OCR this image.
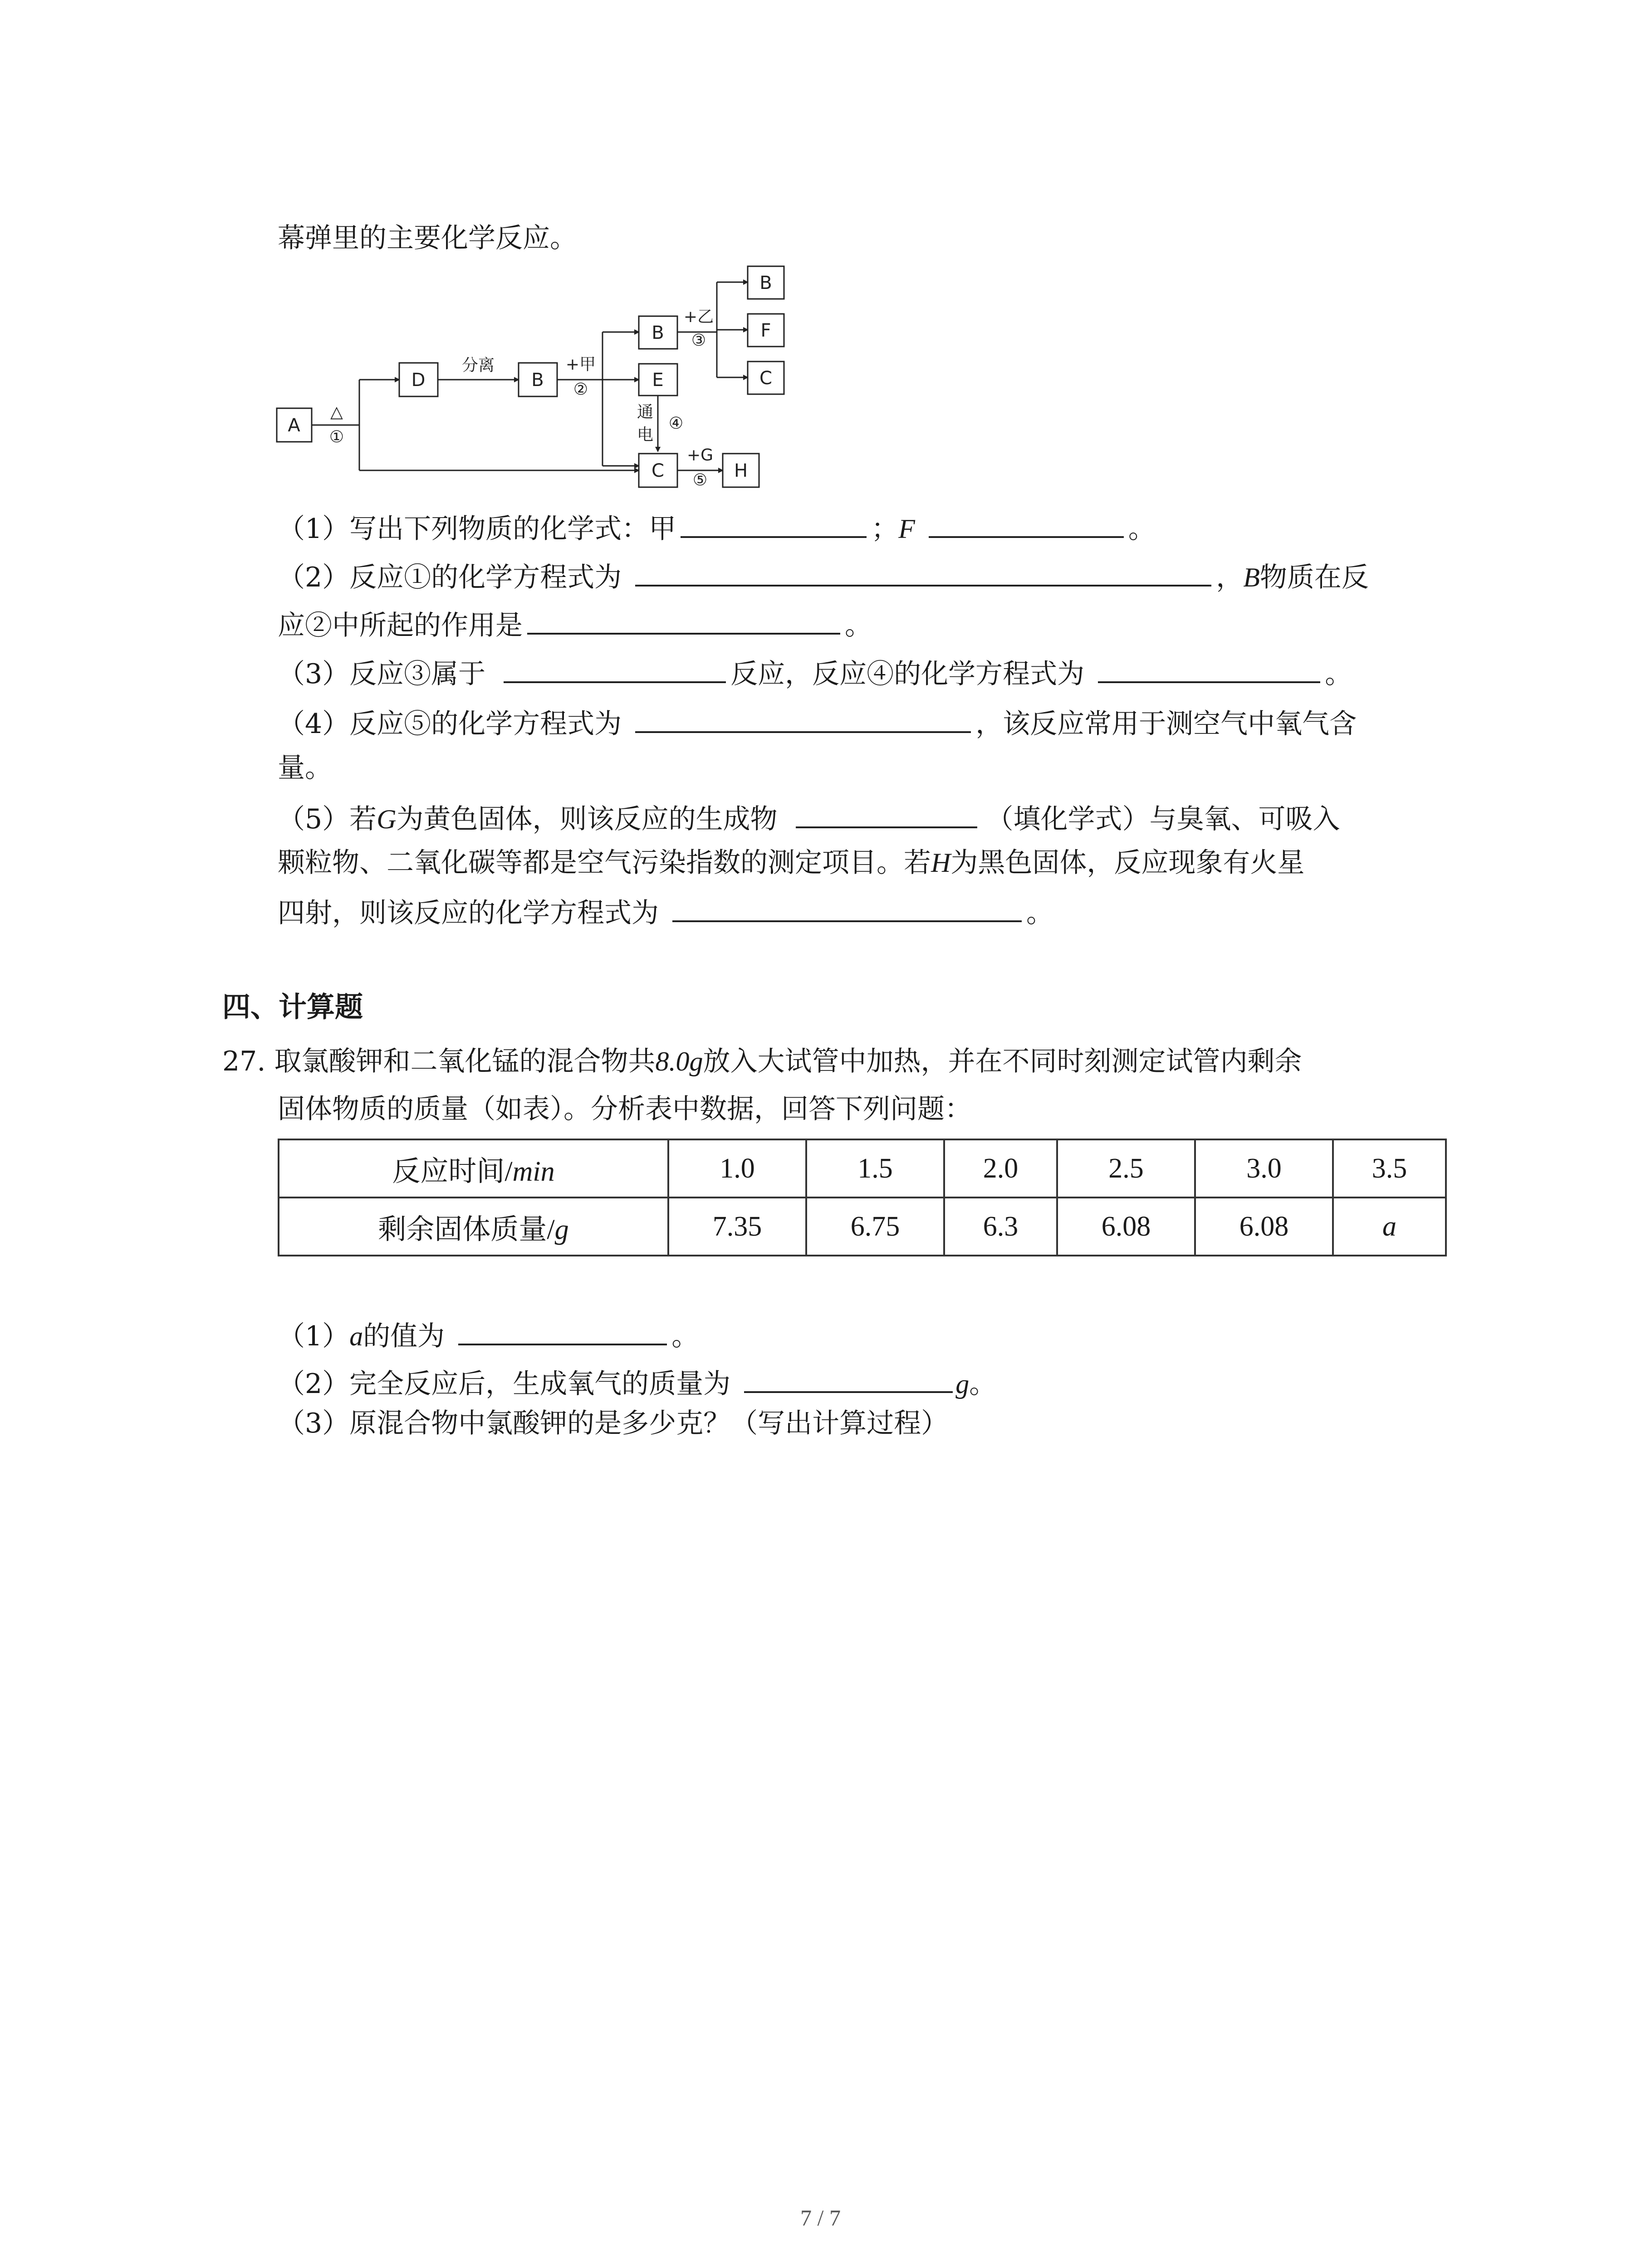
幕弹里的主要化学反应。
A
D	B
B
E
C	H
B
F
C
△
①
分离	+甲
②
+乙
③
通
电
④
+G
⑤
（1）写出下列物质的化学式：甲	；F	。
（2）反应①的化学方程式为	，B物质在反
应②中所起的作用是	。
（3）反应③属于	反应，反应④的化学方程式为	。
（4）反应⑤的化学方程式为	，该反应常用于测空气中氧气含
量。
（5）若G为黄色固体，则该反应的生成物	（填化学式）与臭氧、可吸入
颗粒物、二氧化碳等都是空气污染指数的测定项目。若H为黑色固体，反应现象有火星
四射，则该反应的化学方程式为	。
四、计算题
27. 取氯酸钾和二氧化锰的混合物共8.0g放入大试管中加热，并在不同时刻测定试管内剩余
固体物质的质量（如表）。分析表中数据，回答下列问题：
反应时间/min	1.0	1.5	2.0	2.5	3.0	3.5
剩余固体质量/g	7.35	6.75	6.3	6.08	6.08	a
（1）a的值为	。
（2）完全反应后，生成氧气的质量为	g。
（3）原混合物中氯酸钾的是多少克？（写出计算过程）
7 / 7
